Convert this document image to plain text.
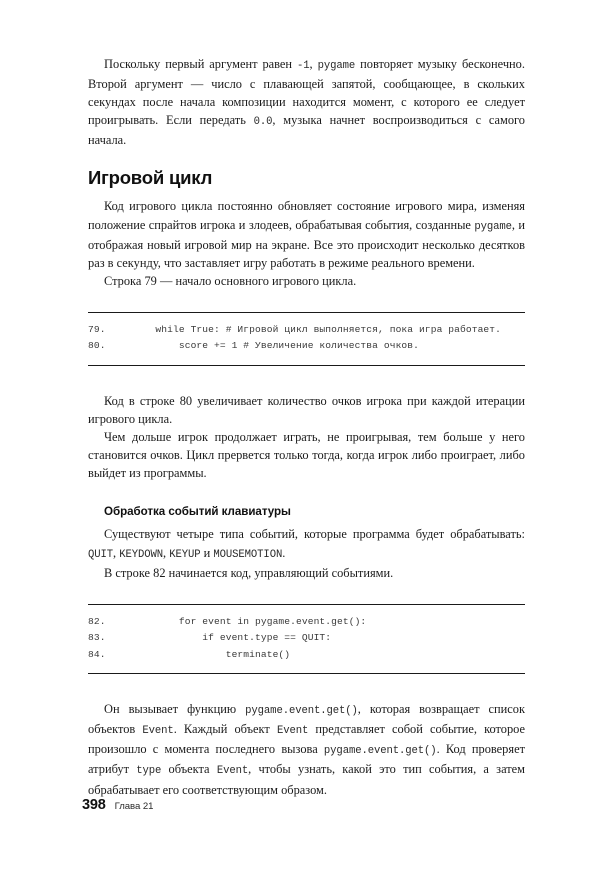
Поскольку первый аргумент равен -1, pygame повторяет музыку бесконечно. Второй аргумент — число с плавающей запятой, сообщающее, в скольких секундах после начала композиции находится момент, с которого ее следует проигрывать. Если передать 0.0, музыка начнет воспроизводиться с самого начала.

Игровой цикл

Код игрового цикла постоянно обновляет состояние игрового мира, изменяя положение спрайтов игрока и злодеев, обрабатывая события, созданные pygame, и отображая новый игровой мир на экране. Все это происходит несколько десятков раз в секунду, что заставляет игру работать в режиме реального времени.

Строка 79 — начало основного игрового цикла.

79.	while True: # Игровой цикл выполняется, пока игра работает.
80.	score += 1 # Увеличение количества очков.

Код в строке 80 увеличивает количество очков игрока при каждой итерации игрового цикла.

Чем дольше игрок продолжает играть, не проигрывая, тем больше у него становится очков. Цикл прервется только тогда, когда игрок либо проиграет, либо выйдет из программы.

Обработка событий клавиатуры

Существуют четыре типа событий, которые программа будет обрабатывать: QUIT, KEYDOWN, KEYUP и MOUSEMOTION.

В строке 82 начинается код, управляющий событиями.

82.	for event in pygame.event.get():
83.	if event.type == QUIT:
84.	terminate()

Он вызывает функцию pygame.event.get(), которая возвращает список объектов Event. Каждый объект Event представляет собой событие, которое произошло с момента последнего вызова pygame.event.get(). Код проверяет атрибут type объекта Event, чтобы узнать, какой это тип события, а затем обрабатывает его соответствующим образом.

398 Глава 21
